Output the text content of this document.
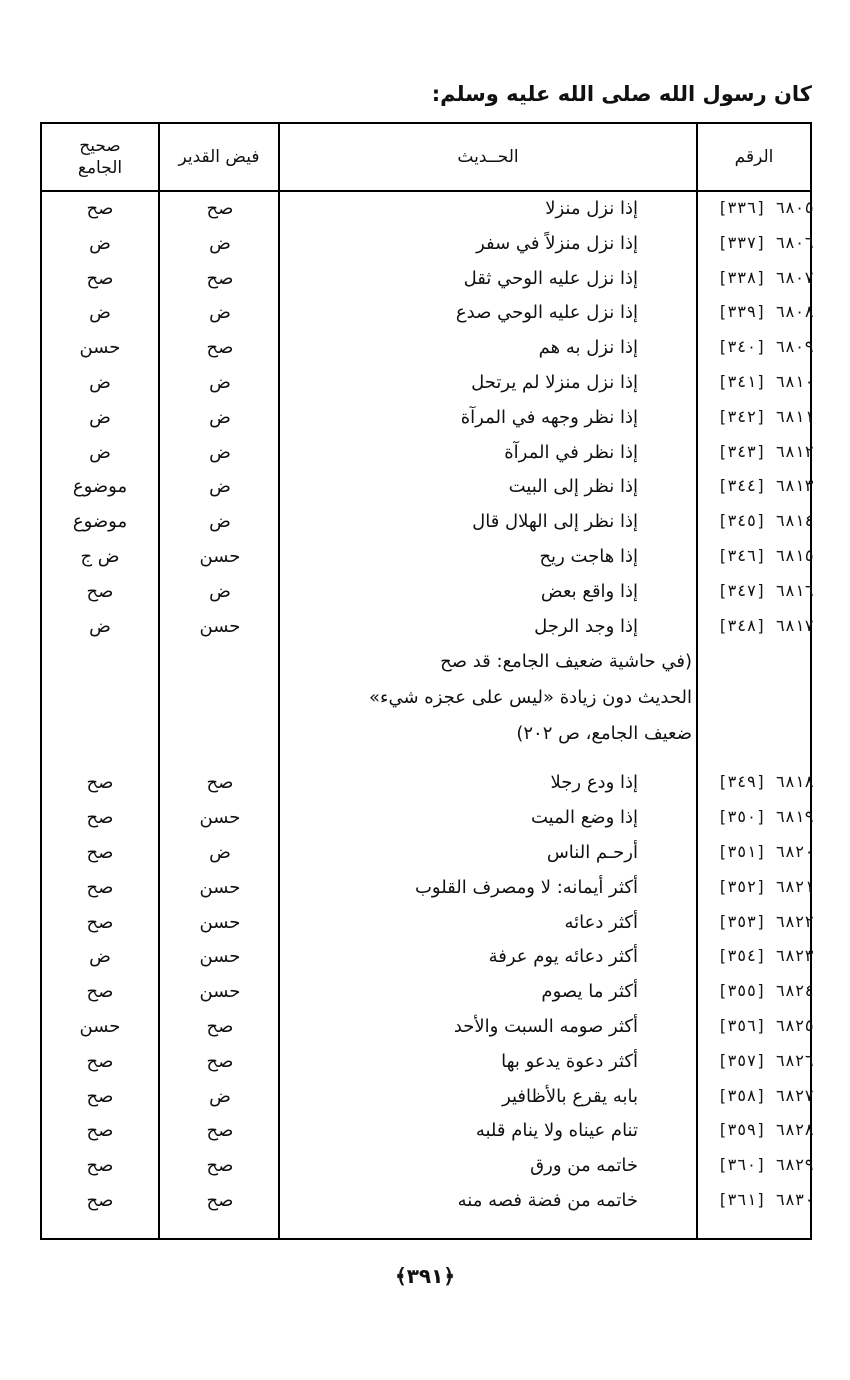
كان رسول الله صلى الله عليه وسلم:
صحيح
الجامع
فيض القدير	الحــديث	الرقم
٦٨٠٥ [٣٣٦]
إذا نزل منزلا
صح
صح
٦٨٠٦ [٣٣٧]
إذا نزل منزلاً في سفر
ض
ض
٦٨٠٧ [٣٣٨]
إذا نزل عليه الوحي ثقل
صح
صح
٦٨٠٨ [٣٣٩]
إذا نزل عليه الوحي صدع
ض
ض
٦٨٠٩ [٣٤٠]
إذا نزل به هم
صح
حسن
٦٨١٠ [٣٤١]
إذا نزل منزلا لم يرتحل
ض
ض
٦٨١١ [٣٤٢]
إذا نظر وجهه في المرآة
ض
ض
٦٨١٢ [٣٤٣]
إذا نظر في المرآة
ض
ض
٦٨١٣ [٣٤٤]
إذا نظر إلى البيت
ض
موضوع
٦٨١٤ [٣٤٥]
إذا نظر إلى الهلال قال
ض
موضوع
٦٨١٥ [٣٤٦]
إذا هاجت ريح
حسن
ض ج
٦٨١٦ [٣٤٧]
إذا واقع بعض
ض
صح
٦٨١٧ [٣٤٨]
إذا وجد الرجل
حسن
ض
(في حاشية ضعيف الجامع: قد صح
الحديث دون زيادة «ليس على عجزه شيء»
ضعيف الجامع، ص ٢٠٢)
٦٨١٨ [٣٤٩]
إذا ودع رجلا
صح
صح
٦٨١٩ [٣٥٠]
إذا وضع الميت
حسن
صح
٦٨٢٠ [٣٥١]
أرحـم الناس
ض
صح
٦٨٢١ [٣٥٢]
أكثر أيمانه: لا ومصرف القلوب
حسن
صح
٦٨٢٢ [٣٥٣]
أكثر دعائه
حسن
صح
٦٨٢٣ [٣٥٤]
أكثر دعائه يوم عرفة
حسن
ض
٦٨٢٤ [٣٥٥]
أكثر ما يصوم
حسن
صح
٦٨٢٥ [٣٥٦]
أكثر صومه السبت والأحد
صح
حسن
٦٨٢٦ [٣٥٧]
أكثر دعوة يدعو بها
صح
صح
٦٨٢٧ [٣٥٨]
بابه يقرع بالأظافير
ض
صح
٦٨٢٨ [٣٥٩]
تنام عيناه ولا ينام قلبه
صح
صح
٦٨٢٩ [٣٦٠]
خاتمه من ورق
صح
صح
٦٨٣٠ [٣٦١]
خاتمه من فضة فصه منه
صح
صح
﴿٣٩١﴾
